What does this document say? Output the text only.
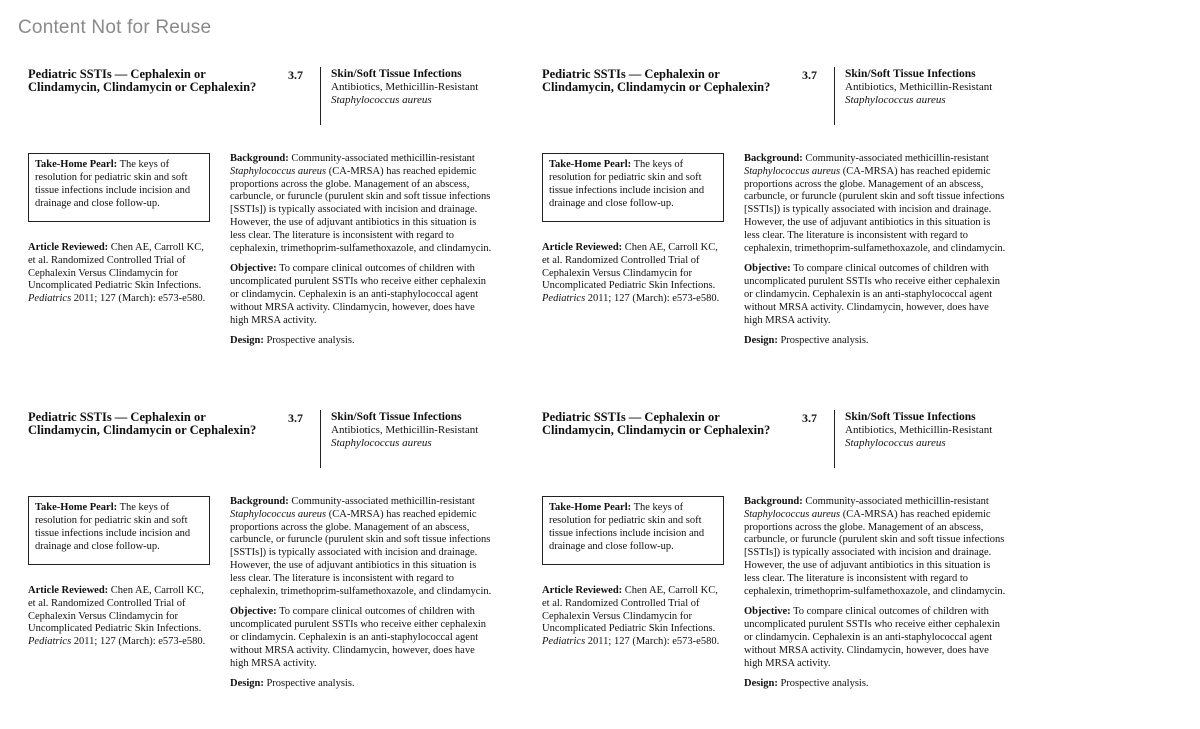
Content Not for Reuse
Pediatric SSTIs — Cephalexin or Clindamycin, Clindamycin or Cephalexin?
3.7 Skin/Soft Tissue Infections
Antibiotics, Methicillin-Resistant
Staphylococcus aureus
Take-Home Pearl: The keys of resolution for pediatric skin and soft tissue infections include incision and drainage and close follow-up.
Article Reviewed: Chen AE, Carroll KC, et al. Randomized Controlled Trial of Cephalexin Versus Clindamycin for Uncomplicated Pediatric Skin Infections. Pediatrics 2011; 127 (March): e573-e580.

Background: Community-associated methicillin-resistant Staphylococcus aureus (CA-MRSA) has reached epidemic proportions across the globe. Management of an abscess, carbuncle, or furuncle (purulent skin and soft tissue infections [SSTIs]) is typically associated with incision and drainage. However, the use of adjuvant antibiotics in this situation is less clear. The literature is inconsistent with regard to cephalexin, trimethoprim-sulfamethoxazole, and clindamycin.

Objective: To compare clinical outcomes of children with uncomplicated purulent SSTIs who receive either cephalexin or clindamycin. Cephalexin is an anti-staphylococcal agent without MRSA activity. Clindamycin, however, does have high MRSA activity.

Design: Prospective analysis.

Pediatric SSTIs — Cephalexin or Clindamycin, Clindamycin or Cephalexin?
3.7 Skin/Soft Tissue Infections
Antibiotics, Methicillin-Resistant
Staphylococcus aureus
Take-Home Pearl: The keys of resolution for pediatric skin and soft tissue infections include incision and drainage and close follow-up.
Article Reviewed: Chen AE, Carroll KC, et al. Randomized Controlled Trial of Cephalexin Versus Clindamycin for Uncomplicated Pediatric Skin Infections. Pediatrics 2011; 127 (March): e573-e580.

Background: Community-associated methicillin-resistant Staphylococcus aureus (CA-MRSA) has reached epidemic proportions across the globe. Management of an abscess, carbuncle, or furuncle (purulent skin and soft tissue infections [SSTIs]) is typically associated with incision and drainage. However, the use of adjuvant antibiotics in this situation is less clear. The literature is inconsistent with regard to cephalexin, trimethoprim-sulfamethoxazole, and clindamycin.

Objective: To compare clinical outcomes of children with uncomplicated purulent SSTIs who receive either cephalexin or clindamycin. Cephalexin is an anti-staphylococcal agent without MRSA activity. Clindamycin, however, does have high MRSA activity.

Design: Prospective analysis.

Pediatric SSTIs — Cephalexin or Clindamycin, Clindamycin or Cephalexin?
3.7 Skin/Soft Tissue Infections
Antibiotics, Methicillin-Resistant
Staphylococcus aureus
Take-Home Pearl: The keys of resolution for pediatric skin and soft tissue infections include incision and drainage and close follow-up.
Article Reviewed: Chen AE, Carroll KC, et al. Randomized Controlled Trial of Cephalexin Versus Clindamycin for Uncomplicated Pediatric Skin Infections. Pediatrics 2011; 127 (March): e573-e580.

Background: Community-associated methicillin-resistant Staphylococcus aureus (CA-MRSA) has reached epidemic proportions across the globe. Management of an abscess, carbuncle, or furuncle (purulent skin and soft tissue infections [SSTIs]) is typically associated with incision and drainage. However, the use of adjuvant antibiotics in this situation is less clear. The literature is inconsistent with regard to cephalexin, trimethoprim-sulfamethoxazole, and clindamycin.

Objective: To compare clinical outcomes of children with uncomplicated purulent SSTIs who receive either cephalexin or clindamycin. Cephalexin is an anti-staphylococcal agent without MRSA activity. Clindamycin, however, does have high MRSA activity.

Design: Prospective analysis.

Pediatric SSTIs — Cephalexin or Clindamycin, Clindamycin or Cephalexin?
3.7 Skin/Soft Tissue Infections
Antibiotics, Methicillin-Resistant
Staphylococcus aureus
Take-Home Pearl: The keys of resolution for pediatric skin and soft tissue infections include incision and drainage and close follow-up.
Article Reviewed: Chen AE, Carroll KC, et al. Randomized Controlled Trial of Cephalexin Versus Clindamycin for Uncomplicated Pediatric Skin Infections. Pediatrics 2011; 127 (March): e573-e580.

Background: Community-associated methicillin-resistant Staphylococcus aureus (CA-MRSA) has reached epidemic proportions across the globe. Management of an abscess, carbuncle, or furuncle (purulent skin and soft tissue infections [SSTIs]) is typically associated with incision and drainage. However, the use of adjuvant antibiotics in this situation is less clear. The literature is inconsistent with regard to cephalexin, trimethoprim-sulfamethoxazole, and clindamycin.

Objective: To compare clinical outcomes of children with uncomplicated purulent SSTIs who receive either cephalexin or clindamycin. Cephalexin is an anti-staphylococcal agent without MRSA activity. Clindamycin, however, does have high MRSA activity.

Design: Prospective analysis.
